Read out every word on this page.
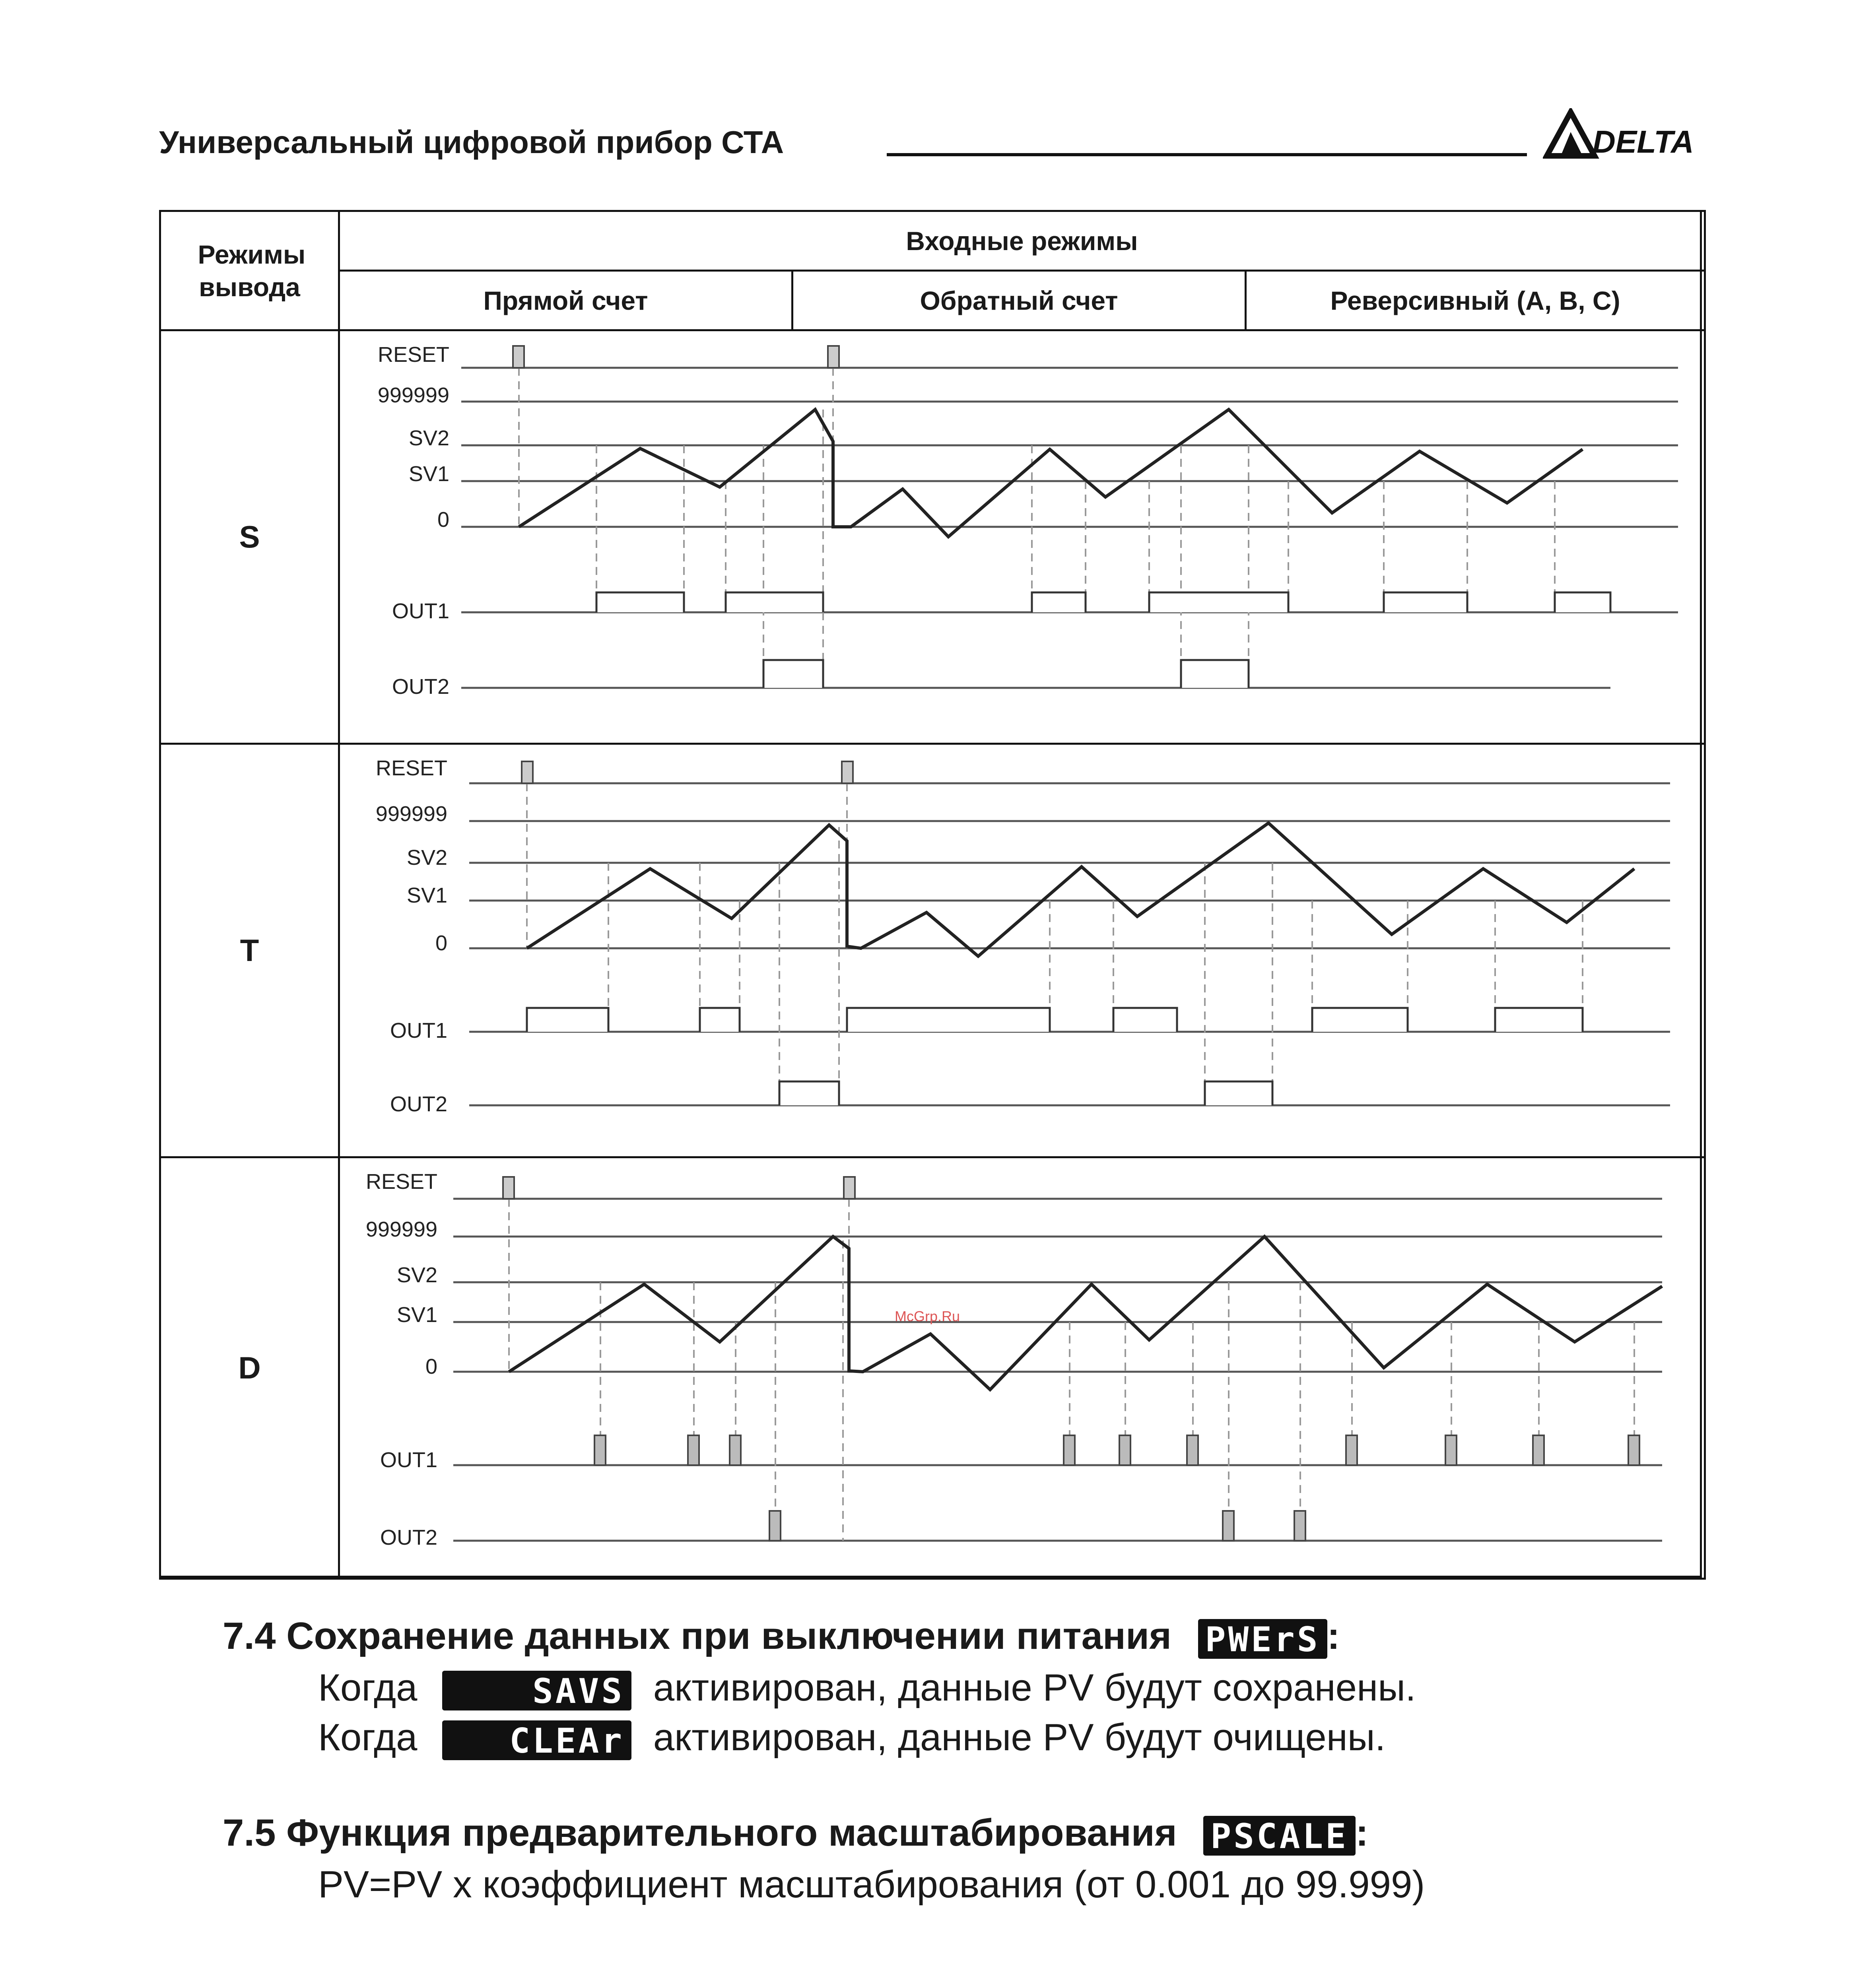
Универсальный цифровой прибор СТА	DELTA
Режимы вывода
Входные режимы
Прямой счет	Обратный счет	Реверсивный (A, B, C)
S
T
D
RESET
999999
SV2
SV1
0
OUT1
OUT2
RESET
999999
SV2
SV1
0
OUT1
OUT2
RESET
999999
SV2
SV1
0
OUT1
OUT2
McGrp.Ru
7.4 Сохранение данных при выключении питания PWErS :
Когда	SAVS активирован, данные PV будут сохранены.
Когда	CLEAr активирован, данные PV будут очищены.
7.5 Функция предварительного масштабирования PSCALE :
PV=PV x коэффициент масштабирования (от 0.001 до 99.999)
